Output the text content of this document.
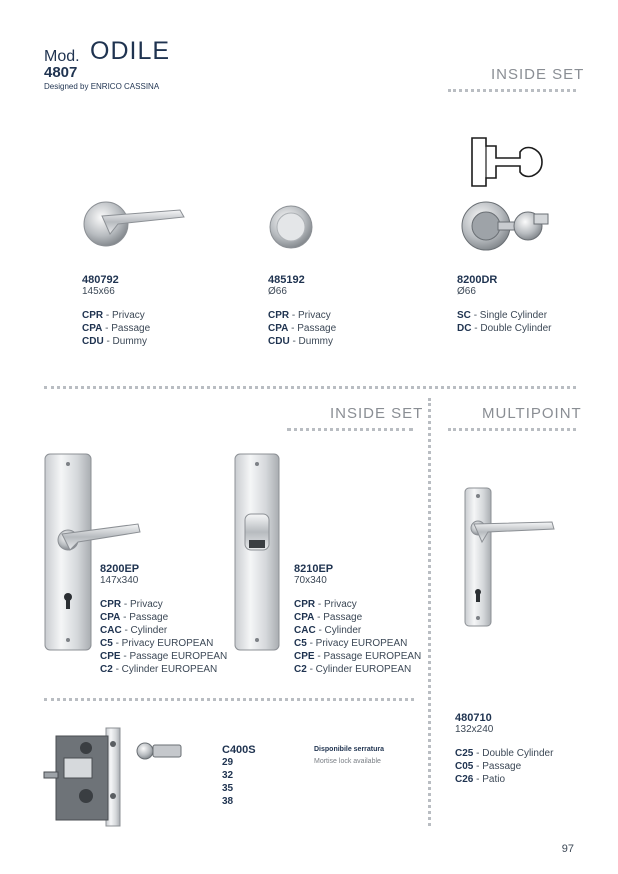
Mod. ODILE
4807
Designed by ENRICO CASSINA
INSIDE SET
480792
145x66
CPR - Privacy
CPA - Passage
CDU - Dummy
485192
Ø66
CPR - Privacy
CPA - Passage
CDU - Dummy
8200DR
Ø66
SC - Single Cylinder
DC - Double Cylinder
INSIDE SET	MULTIPOINT
8200EP
147x340
CPR - Privacy
CPA - Passage
CAC - Cylinder
C5 - Privacy EUROPEAN
CPE - Passage EUROPEAN
C2 - Cylinder EUROPEAN
8210EP
70x340
CPR - Privacy
CPA - Passage
CAC - Cylinder
C5 - Privacy EUROPEAN
CPE - Passage EUROPEAN
C2 - Cylinder EUROPEAN
480710
132x240
C25 - Double Cylinder
C05 - Passage
C26 - Patio
C400S
29
32
35
38
Disponibile serratura
Mortise lock available
97
